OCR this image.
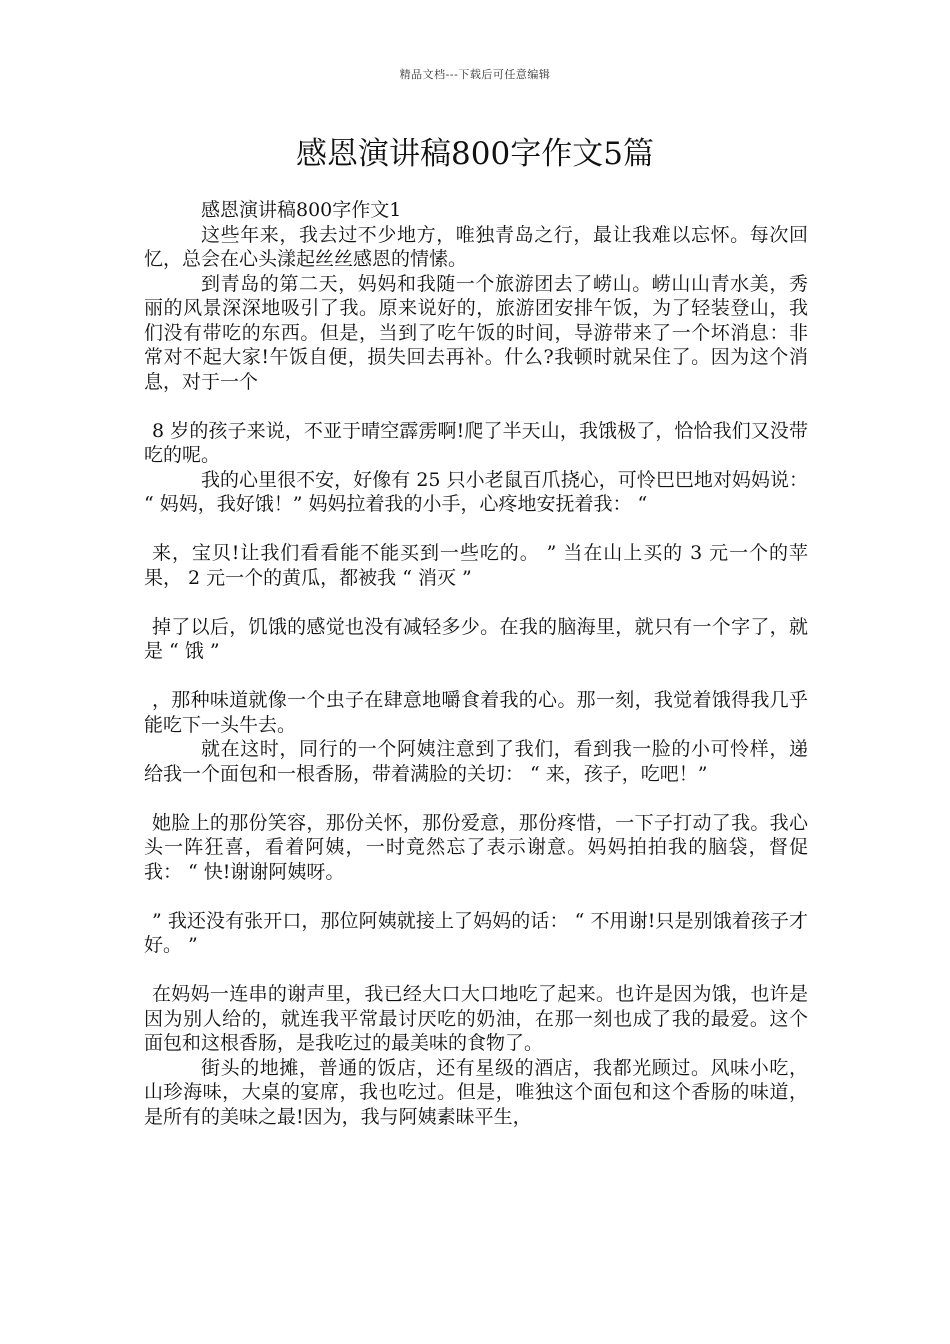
精品文档---下载后可任意编辑
感恩演讲稿800字作文5篇

感恩演讲稿800字作文1

这些年来，我去过不少地方，唯独青岛之行，最让我难以忘怀。每次回忆，总会在心头漾起丝丝感恩的情愫。

到青岛的第二天，妈妈和我随一个旅游团去了崂山。崂山山青水美，秀丽的风景深深地吸引了我。原来说好的，旅游团安排午饭，为了轻装登山，我们没有带吃的东西。但是，当到了吃午饭的时间，导游带来了一个坏消息：非常对不起大家!午饭自便，损失回去再补。什么?我顿时就呆住了。因为这个消息，对于一个

8 岁的孩子来说，不亚于晴空霹雳啊!爬了半天山，我饿极了，恰恰我们又没带吃的呢。

我的心里很不安，好像有 25 只小老鼠百爪挠心，可怜巴巴地对妈妈说： “ 妈妈，我好饿！” 妈妈拉着我的小手，心疼地安抚着我： “

来，宝贝!让我们看看能不能买到一些吃的。 ” 当在山上买的 3 元一个的苹果， 2 元一个的黄瓜，都被我 “ 消灭 ”

掉了以后，饥饿的感觉也没有减轻多少。在我的脑海里，就只有一个字了，就是 “ 饿 ”

，那种味道就像一个虫子在肆意地嚼食着我的心。那一刻，我觉着饿得我几乎能吃下一头牛去。

就在这时，同行的一个阿姨注意到了我们，看到我一脸的小可怜样，递给我一个面包和一根香肠，带着满脸的关切： “ 来，孩子，吃吧！”

她脸上的那份笑容，那份关怀，那份爱意，那份疼惜，一下子打动了我。我心头一阵狂喜，看着阿姨，一时竟然忘了表示谢意。妈妈拍拍我的脑袋，督促我： “ 快!谢谢阿姨呀。

” 我还没有张开口，那位阿姨就接上了妈妈的话： “ 不用谢!只是别饿着孩子才好。 ”

在妈妈一连串的谢声里，我已经大口大口地吃了起来。也许是因为饿，也许是因为别人给的，就连我平常最讨厌吃的奶油，在那一刻也成了我的最爱。这个面包和这根香肠，是我吃过的最美味的食物了。

街头的地摊，普通的饭店，还有星级的酒店，我都光顾过。风味小吃，山珍海味，大桌的宴席，我也吃过。但是，唯独这个面包和这个香肠的味道，是所有的美味之最!因为，我与阿姨素昧平生，
